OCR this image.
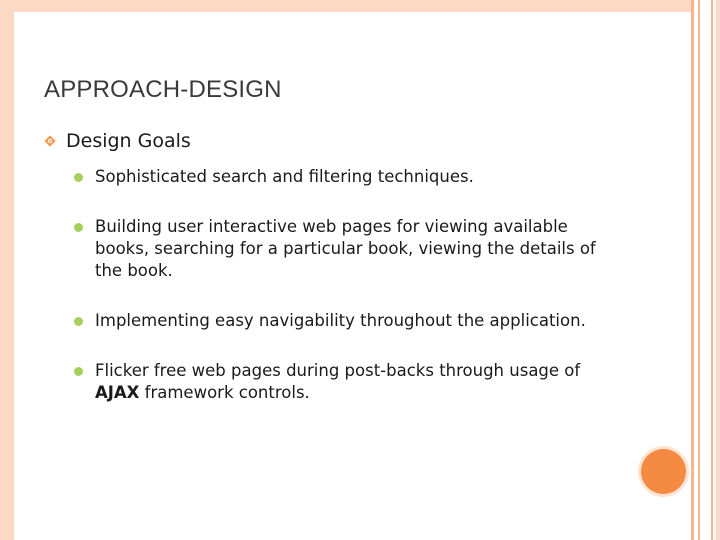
APPROACH-DESIGN
Design Goals
Sophisticated search and filtering techniques.
Building user interactive web pages for viewing available books, searching for a particular book, viewing the details of the book.
Implementing easy navigability throughout the application.
Flicker free web pages during post-backs through usage of AJAX framework controls.
